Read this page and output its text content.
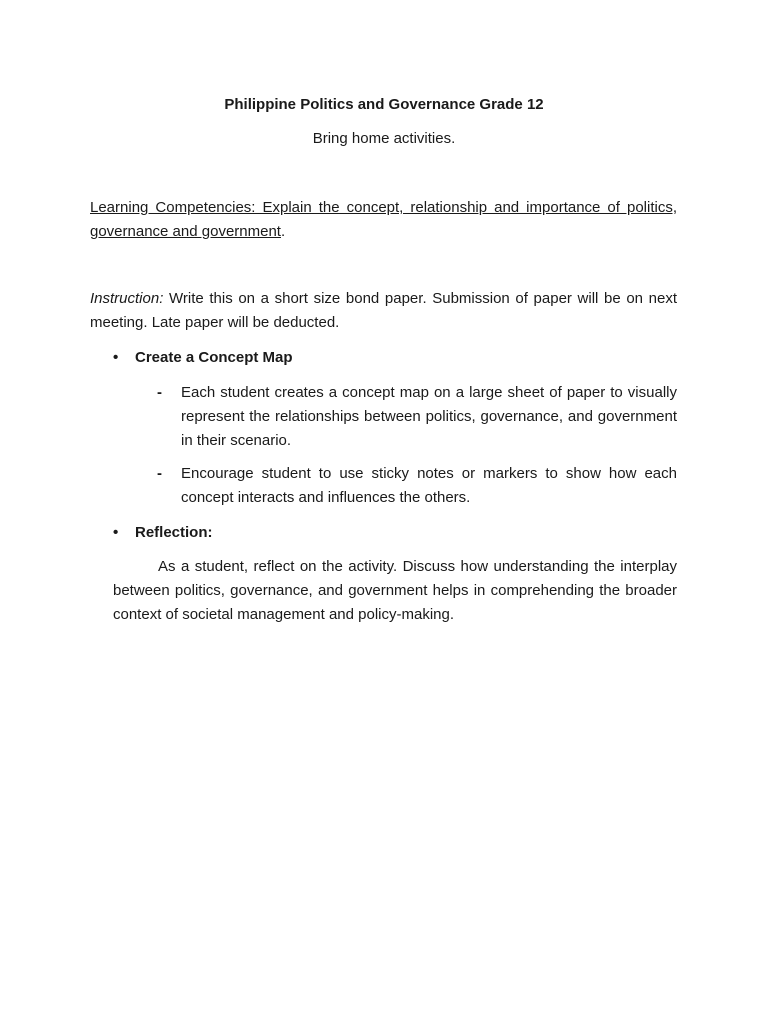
Philippine Politics and Governance Grade 12
Bring home activities.
Learning Competencies: Explain the concept, relationship and importance of politics, governance and government.
Instruction: Write this on a short size bond paper. Submission of paper will be on next meeting. Late paper will be deducted.
•	Create a Concept Map
- Each student creates a concept map on a large sheet of paper to visually represent the relationships between politics, governance, and government in their scenario.
- Encourage student to use sticky notes or markers to show how each concept interacts and influences the others.
•	Reflection:
As a student, reflect on the activity. Discuss how understanding the interplay between politics, governance, and government helps in comprehending the broader context of societal management and policy-making.
